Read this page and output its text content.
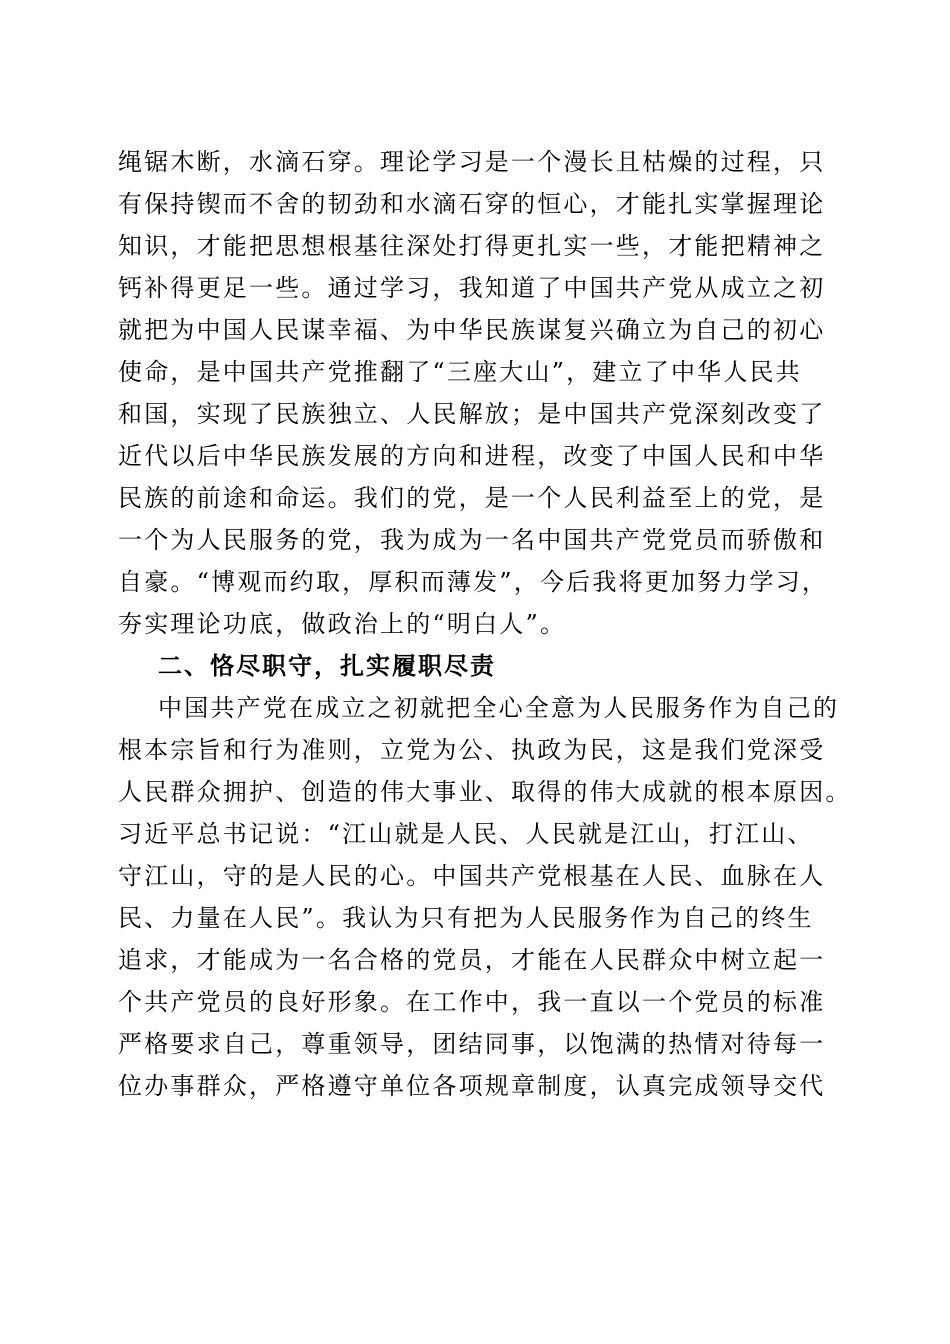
绳锯木断，水滴石穿。理论学习是一个漫长且枯燥的过程，只
有保持锲而不舍的韧劲和水滴石穿的恒心，才能扎实掌握理论
知识，才能把思想根基往深处打得更扎实一些，才能把精神之
钙补得更足一些。通过学习，我知道了中国共产党从成立之初
就把为中国人民谋幸福、为中华民族谋复兴确立为自己的初心
使命，是中国共产党推翻了“三座大山”，建立了中华人民共
和国，实现了民族独立、人民解放；是中国共产党深刻改变了
近代以后中华民族发展的方向和进程，改变了中国人民和中华
民族的前途和命运。我们的党，是一个人民利益至上的党，是
一个为人民服务的党，我为成为一名中国共产党党员而骄傲和
自豪。“博观而约取，厚积而薄发”，今后我将更加努力学习，
夯实理论功底，做政治上的“明白人”。
二、恪尽职守，扎实履职尽责
中国共产党在成立之初就把全心全意为人民服务作为自己的
根本宗旨和行为准则，立党为公、执政为民，这是我们党深受
人民群众拥护、创造的伟大事业、取得的伟大成就的根本原因。
习近平总书记说：“江山就是人民、人民就是江山，打江山、
守江山，守的是人民的心。中国共产党根基在人民、血脉在人
民、力量在人民”。我认为只有把为人民服务作为自己的终生
追求，才能成为一名合格的党员，才能在人民群众中树立起一
个共产党员的良好形象。在工作中，我一直以一个党员的标准
严格要求自己，尊重领导，团结同事，以饱满的热情对待每一
位办事群众，严格遵守单位各项规章制度，认真完成领导交代
